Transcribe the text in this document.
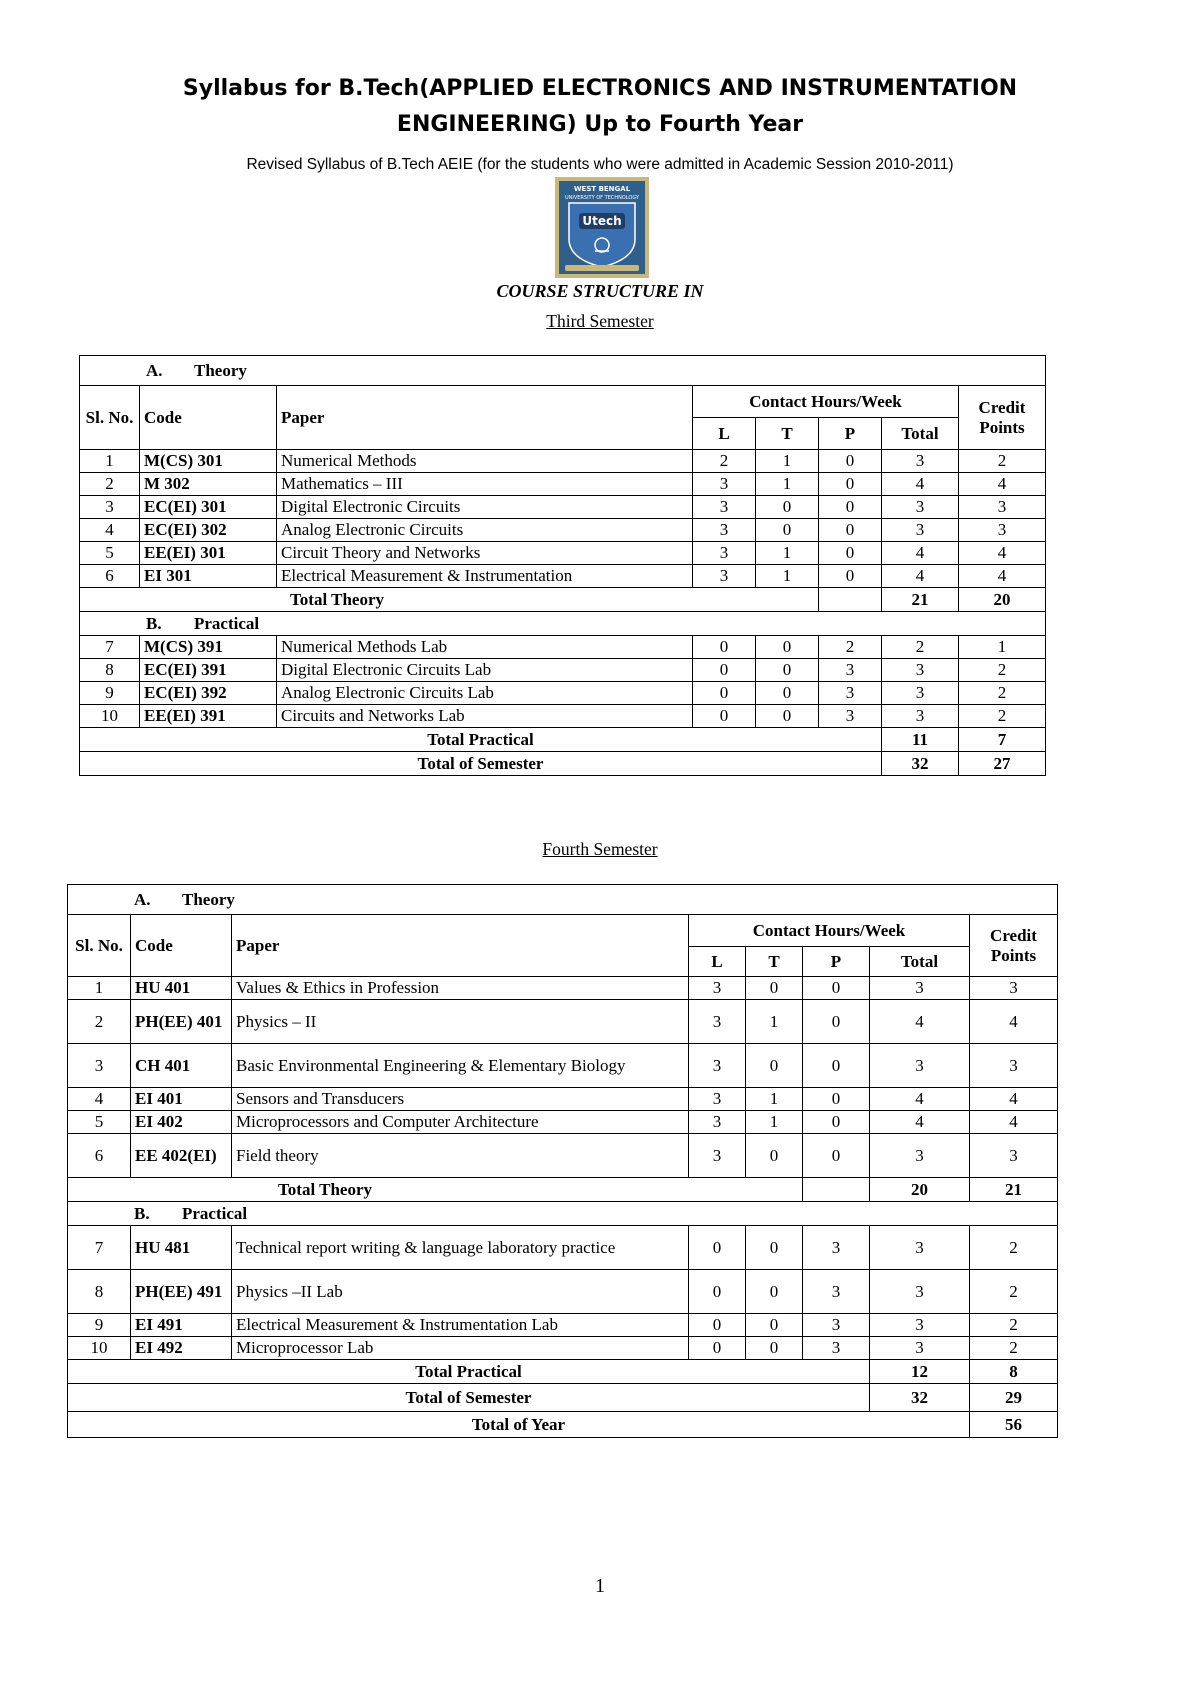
Syllabus for B.Tech(APPLIED ELECTRONICS AND INSTRUMENTATION
ENGINEERING) Up to Fourth Year
Revised Syllabus of B.Tech AEIE (for the students who were admitted in Academic Session 2010-2011)
WEST BENGAL
UNIVERSITY OF TECHNOLOGY
Utech
COURSE STRUCTURE IN
Third Semester
A. Theory							
Sl. No.	Code	Paper	Contact Hours/Week				Credit Points
			L	T	P	Total	
1	M(CS) 301	Numerical Methods	2	1	0	3	2
2	M 302	Mathematics – III	3	1	0	4	4
3	EC(EI) 301	Digital Electronic Circuits	3	0	0	3	3
4	EC(EI) 302	Analog Electronic Circuits	3	0	0	3	3
5	EE(EI) 301	Circuit Theory and Networks	3	1	0	4	4
6	EI 301	Electrical Measurement & Instrumentation	3	1	0	4	4
Total Theory						21	20
B. Practical							
7	M(CS) 391	Numerical Methods Lab	0	0	2	2	1
8	EC(EI) 391	Digital Electronic Circuits Lab	0	0	3	3	2
9	EC(EI) 392	Analog Electronic Circuits Lab	0	0	3	3	2
10	EE(EI) 391	Circuits and Networks Lab	0	0	3	3	2
Total Practical						11	7
Total of Semester						32	27
Fourth Semester
A. Theory							
Sl. No.	Code	Paper	Contact Hours/Week				Credit Points
			L	T	P	Total	
1	HU 401	Values & Ethics in Profession	3	0	0	3	3
2	PH(EE) 401	Physics – II	3	1	0	4	4
3	CH 401	Basic Environmental Engineering & Elementary Biology	3	0	0	3	3
4	EI 401	Sensors and Transducers	3	1	0	4	4
5	EI 402	Microprocessors and Computer Architecture	3	1	0	4	4
6	EE 402(EI)	Field theory	3	0	0	3	3
Total Theory						20	21
B. Practical							
7	HU 481	Technical report writing & language laboratory practice	0	0	3	3	2
8	PH(EE) 491	Physics –II Lab	0	0	3	3	2
9	EI 491	Electrical Measurement & Instrumentation Lab	0	0	3	3	2
10	EI 492	Microprocessor Lab	0	0	3	3	2
Total Practical						12	8
Total of Semester						32	29
Total of Year							56
1
